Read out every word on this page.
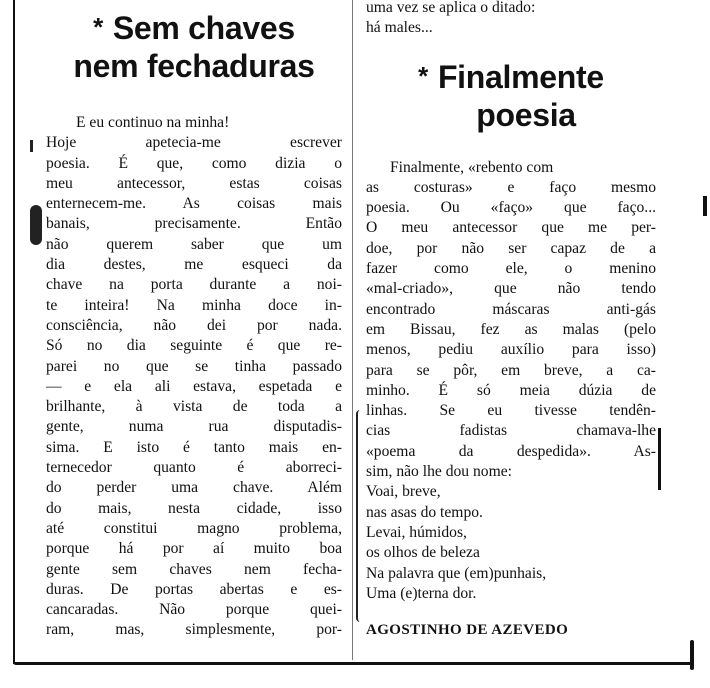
* Sem chaves
nem fechaduras
E eu continuo na minha!
Hoje apetecia-me escrever
poesia. É que, como dizia o
meu antecessor, estas coisas
enternecem-me. As coisas mais
banais, precisamente. Então
não querem saber que um
dia destes, me esqueci da
chave na porta durante a noi-
te inteira! Na minha doce in-
consciência, não dei por nada.
Só no dia seguinte é que re-
parei no que se tinha passado
— e ela ali estava, espetada e
brilhante, à vista de toda a
gente, numa rua disputadis-
sima. E isto é tanto mais en-
ternecedor quanto é aborreci-
do perder uma chave. Além
do mais, nesta cidade, isso
até constitui magno problema,
porque há por aí muito boa
gente sem chaves nem fecha-
duras. De portas abertas e es-
cancaradas. Não porque quei-
ram, mas, simplesmente, por-
uma vez se aplica o ditado:
há males...
* Finalmente
poesia
Finalmente, «rebento com
as costuras» e faço mesmo
poesia. Ou «faço» que faço...
O meu antecessor que me per-
doe, por não ser capaz de a
fazer como ele, o menino
«mal-criado», que não tendo
encontrado máscaras anti-gás
em Bissau, fez as malas (pelo
menos, pediu auxílio para isso)
para se pôr, em breve, a ca-
minho. É só meia dúzia de
linhas. Se eu tivesse tendên-
cias fadistas chamava-lhe
«poema da despedida». As-
sim, não lhe dou nome:
Voai, breve,
nas asas do tempo.
Levai, húmidos,
os olhos de beleza
Na palavra que (em)punhais,
Uma (e)terna dor.
AGOSTINHO DE AZEVEDO
